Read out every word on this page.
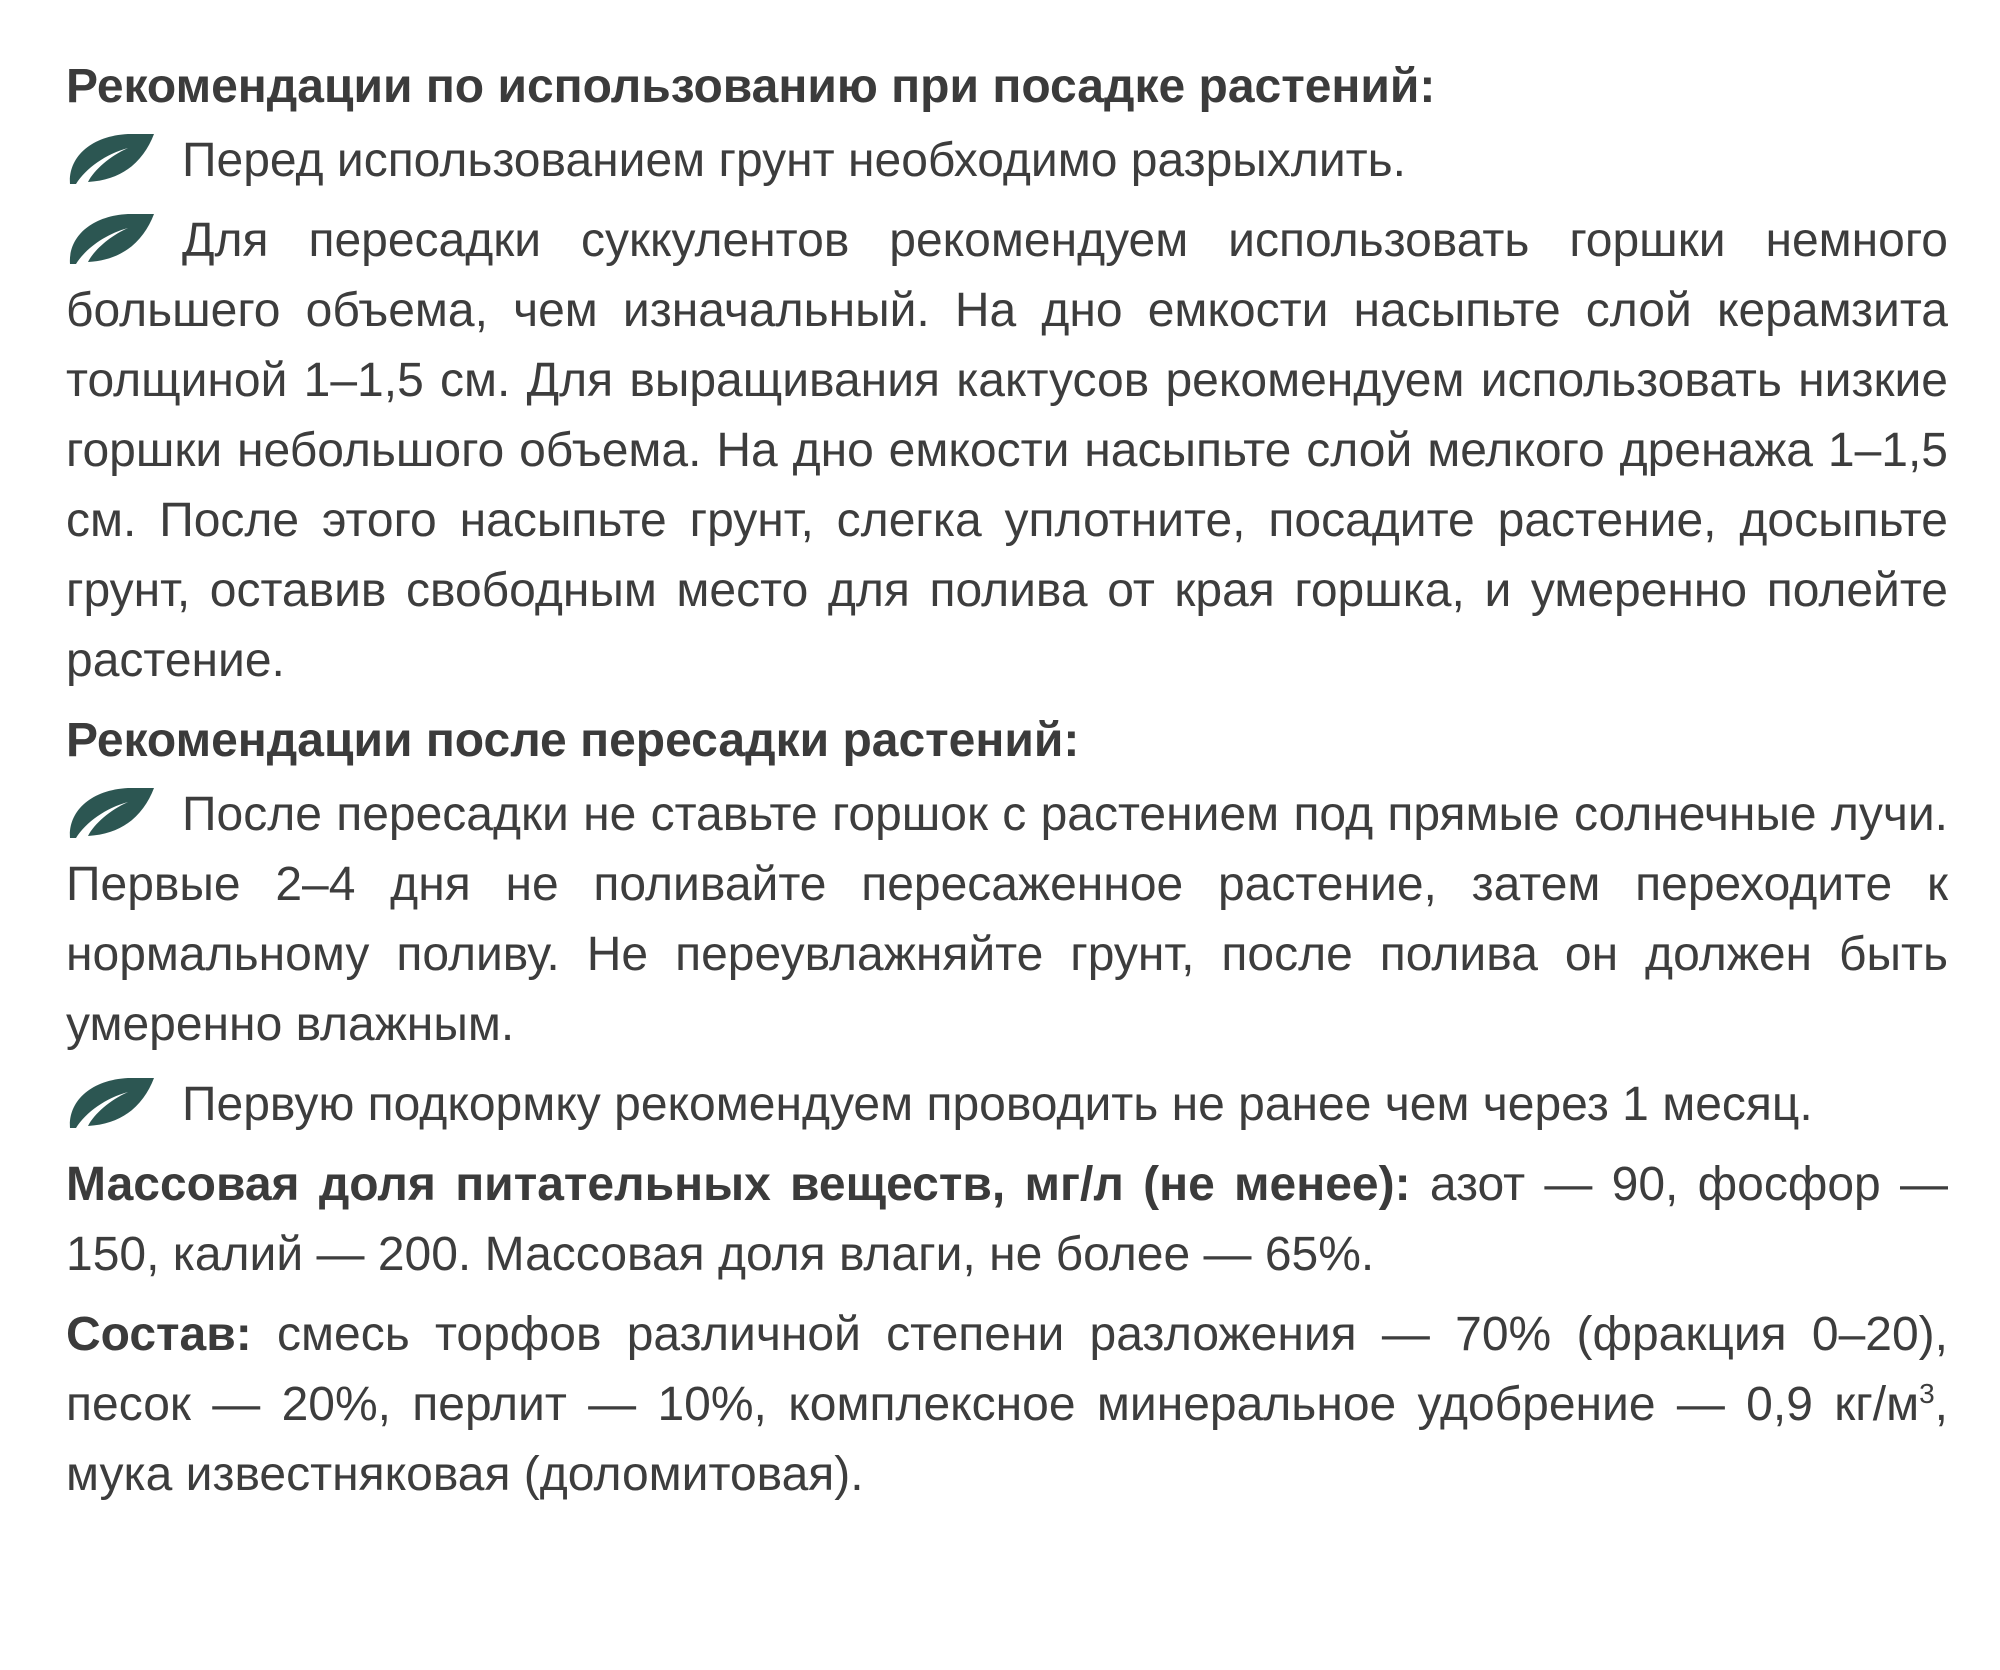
Рекомендации по использованию при посадке растений:

Перед использованием грунт необходимо разрыхлить.

Для пересадки суккулентов рекомендуем использовать горшки немного большего объема, чем изначальный. На дно емкости насыпьте слой керамзита толщиной 1–1,5 см. Для выращивания кактусов рекомендуем использовать низкие горшки небольшого объема. На дно емкости насыпьте слой мелкого дренажа 1–1,5 см. После этого насыпьте грунт, слегка уплотните, посадите растение, досыпьте грунт, оставив свободным место для полива от края горшка, и умеренно полейте растение.

Рекомендации после пересадки растений:

После пересадки не ставьте горшок с растением под прямые солнечные лучи. Первые 2–4 дня не поливайте пересаженное растение, затем переходите к нормальному поливу. Не переувлажняйте грунт, после полива он должен быть умеренно влажным.

Первую подкормку рекомендуем проводить не ранее чем через 1 месяц.

Массовая доля питательных веществ, мг/л (не менее): азот — 90, фосфор — 150, калий — 200. Массовая доля влаги, не более — 65%.

Состав: смесь торфов различной степени разложения — 70% (фракция 0–20), песок — 20%, перлит — 10%, комплексное минеральное удобрение — 0,9 $кг/м^3$, мука известняковая (доломитовая).
